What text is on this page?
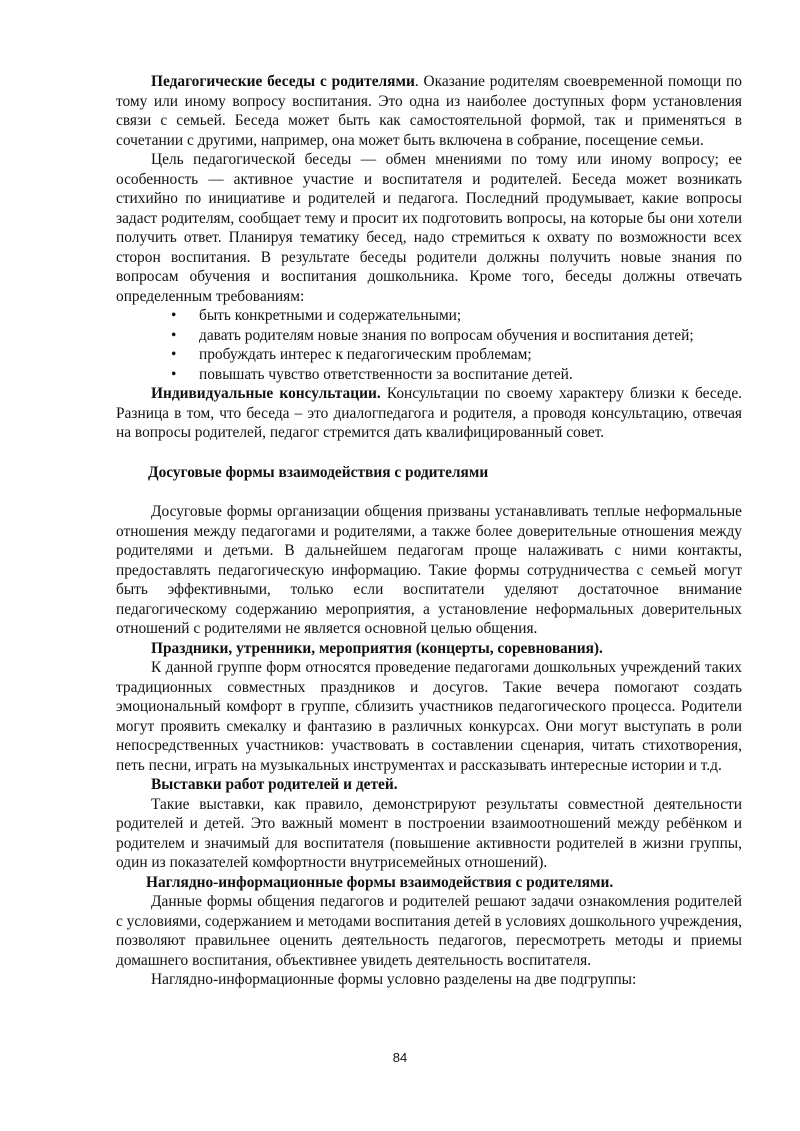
Педагогические беседы с родителями. Оказание родителям своевременной помощи по тому или иному вопросу воспитания. Это одна из наиболее доступных форм установления связи с семьей. Беседа может быть как самостоятельной формой, так и применяться в сочетании с другими, например, она может быть включена в собрание, посещение семьи.

Цель педагогической беседы — обмен мнениями по тому или иному вопросу; ее особенность — активное участие и воспитателя и родителей. Беседа может возникать стихийно по инициативе и родителей и педагога. Последний продумывает, какие вопросы задаст родителям, сообщает тему и просит их подготовить вопросы, на которые бы они хотели получить ответ. Планируя тематику бесед, надо стремиться к охвату по возможности всех сторон воспитания. В результате беседы родители должны получить новые знания по вопросам обучения и воспитания дошкольника. Кроме того, беседы должны отвечать определенным требованиям:

• быть конкретными и содержательными;
• давать родителям новые знания по вопросам обучения и воспитания детей;
• пробуждать интерес к педагогическим проблемам;
• повышать чувство ответственности за воспитание детей.

Индивидуальные консультации. Консультации по своему характеру близки к беседе. Разница в том, что беседа – это диалогпедагога и родителя, а проводя консультацию, отвечая на вопросы родителей, педагог стремится дать квалифицированный совет.

Досуговые формы взаимодействия с родителями

Досуговые формы организации общения призваны устанавливать теплые неформальные отношения между педагогами и родителями, а также более доверительные отношения между родителями и детьми. В дальнейшем педагогам проще налаживать с ними контакты, предоставлять педагогическую информацию. Такие формы сотрудничества с семьей могут быть эффективными, только если воспитатели уделяют достаточное внимание педагогическому содержанию мероприятия, а установление неформальных доверительных отношений с родителями не является основной целью общения.

Праздники, утренники, мероприятия (концерты, соревнования).

К данной группе форм относятся проведение педагогами дошкольных учреждений таких традиционных совместных праздников и досугов. Такие вечера помогают создать эмоциональный комфорт в группе, сблизить участников педагогического процесса. Родители могут проявить смекалку и фантазию в различных конкурсах. Они могут выступать в роли непосредственных участников: участвовать в составлении сценария, читать стихотворения, петь песни, играть на музыкальных инструментах и рассказывать интересные истории и т.д.

Выставки работ родителей и детей.

Такие выставки, как правило, демонстрируют результаты совместной деятельности родителей и детей. Это важный момент в построении взаимоотношений между ребёнком и родителем и значимый для воспитателя (повышение активности родителей в жизни группы, один из показателей комфортности внутрисемейных отношений).

Наглядно-информационные формы взаимодействия с родителями.

Данные формы общения педагогов и родителей решают задачи ознакомления родителей с условиями, содержанием и методами воспитания детей в условиях дошкольного учреждения, позволяют правильнее оценить деятельность педагогов, пересмотреть методы и приемы домашнего воспитания, объективнее увидеть деятельность воспитателя.

Наглядно-информационные формы условно разделены на две подгруппы:

84
